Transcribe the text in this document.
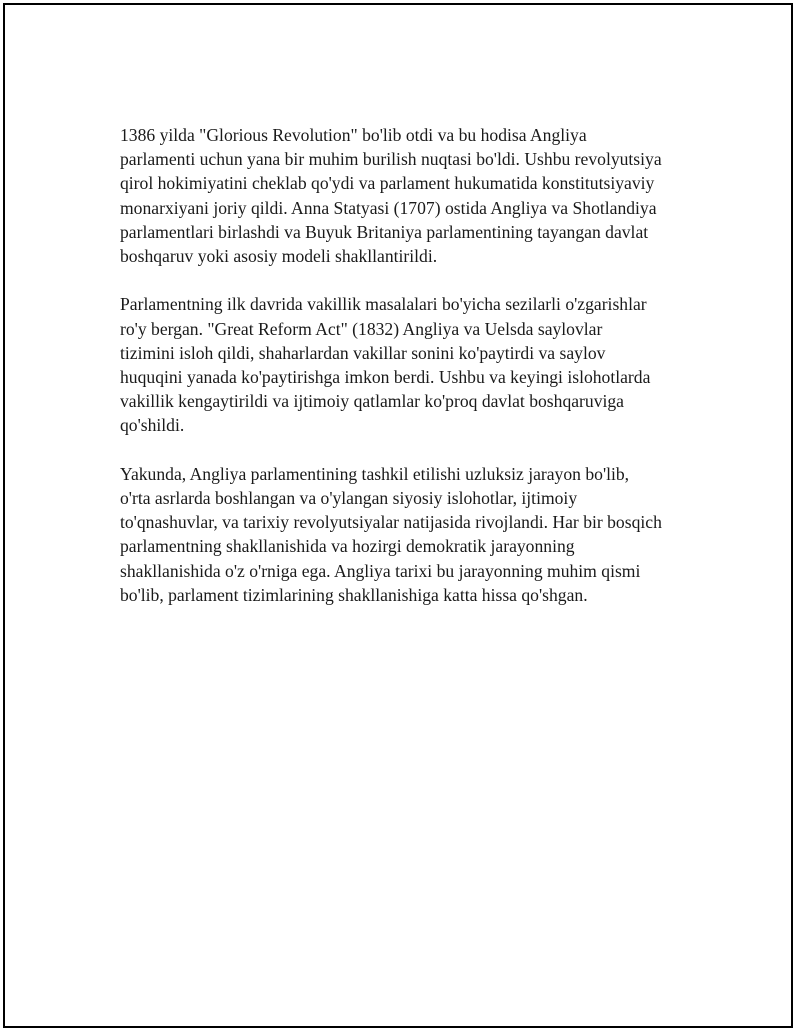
1386 yilda "Glorious Revolution" bo'lib otdi va bu hodisa Angliya
parlamenti uchun yana bir muhim burilish nuqtasi bo'ldi. Ushbu revolyutsiya
qirol hokimiyatini cheklab qo'ydi va parlament hukumatida konstitutsiyaviy
monarxiyani joriy qildi. Anna Statyasi (1707) ostida Angliya va Shotlandiya
parlamentlari birlashdi va Buyuk Britaniya parlamentining tayangan davlat
boshqaruv yoki asosiy modeli shakllantirildi.

Parlamentning ilk davrida vakillik masalalari bo'yicha sezilarli o'zgarishlar
ro'y bergan. "Great Reform Act" (1832) Angliya va Uelsda saylovlar
tizimini isloh qildi, shaharlardan vakillar sonini ko'paytirdi va saylov
huquqini yanada ko'paytirishga imkon berdi. Ushbu va keyingi islohotlarda
vakillik kengaytirildi va ijtimoiy qatlamlar ko'proq davlat boshqaruviga
qo'shildi.

Yakunda, Angliya parlamentining tashkil etilishi uzluksiz jarayon bo'lib,
o'rta asrlarda boshlangan va o'ylangan siyosiy islohotlar, ijtimoiy
to'qnashuvlar, va tarixiy revolyutsiyalar natijasida rivojlandi. Har bir bosqich
parlamentning shakllanishida va hozirgi demokratik jarayonning
shakllanishida o'z o'rniga ega. Angliya tarixi bu jarayonning muhim qismi
bo'lib, parlament tizimlarining shakllanishiga katta hissa qo'shgan.
